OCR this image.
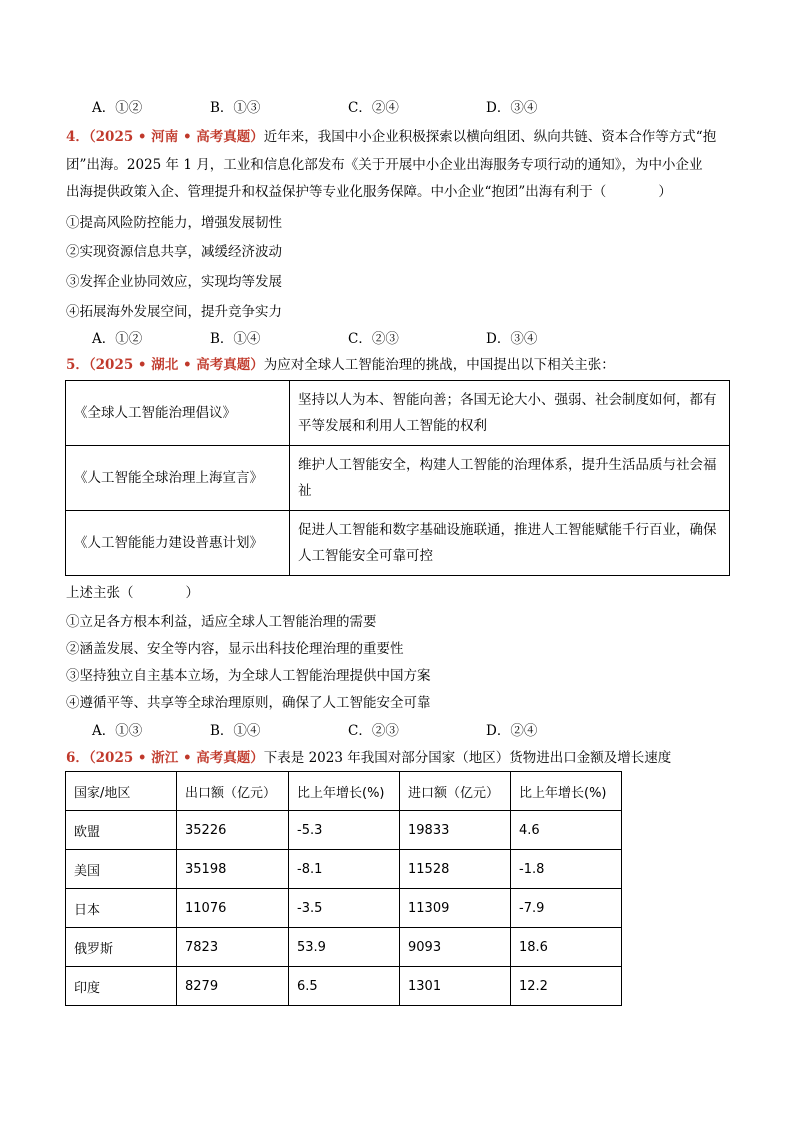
A．①②	B．①③	C．②④	D．③④
4．（2025 • 河南 • 高考真题）近年来，我国中小企业积极探索以横向组团、纵向共链、资本合作等方式“抱
团”出海。2025 年 1 月，工业和信息化部发布《关于开展中小企业出海服务专项行动的通知》，为中小企业
出海提供政策入企、管理提升和权益保护等专业化服务保障。中小企业“抱团”出海有利于（	）
①提高风险防控能力，增强发展韧性
②实现资源信息共享，减缓经济波动
③发挥企业协同效应，实现均等发展
④拓展海外发展空间，提升竞争实力
A．①②	B．①④	C．②③	D．③④
5．（2025 • 湖北 • 高考真题）为应对全球人工智能治理的挑战，中国提出以下相关主张：
《全球人工智能治理倡议》	坚持以人为本、智能向善；各国无论大小、强弱、社会制度如何，都有平等发展和利用人工智能的权利
《人工智能全球治理上海宣言》	维护人工智能安全，构建人工智能的治理体系，提升生活品质与社会福祉
《人工智能能力建设普惠计划》	促进人工智能和数字基础设施联通，推进人工智能赋能千行百业，确保人工智能安全可靠可控
上述主张（	）
①立足各方根本利益，适应全球人工智能治理的需要
②涵盖发展、安全等内容，显示出科技伦理治理的重要性
③坚持独立自主基本立场，为全球人工智能治理提供中国方案
④遵循平等、共享等全球治理原则，确保了人工智能安全可靠
A．①③	B．①④	C．②③	D．②④
6．（2025 • 浙江 • 高考真题）下表是 2023 年我国对部分国家（地区）货物进出口金额及增长速度
国家/地区	出口额（亿元）	比上年增长(%)	进口额（亿元）	比上年增长(%)
欧盟	35226	-5.3	19833	4.6
美国	35198	-8.1	11528	-1.8
日本	11076	-3.5	11309	-7.9
俄罗斯	7823	53.9	9093	18.6
印度	8279	6.5	1301	12.2
